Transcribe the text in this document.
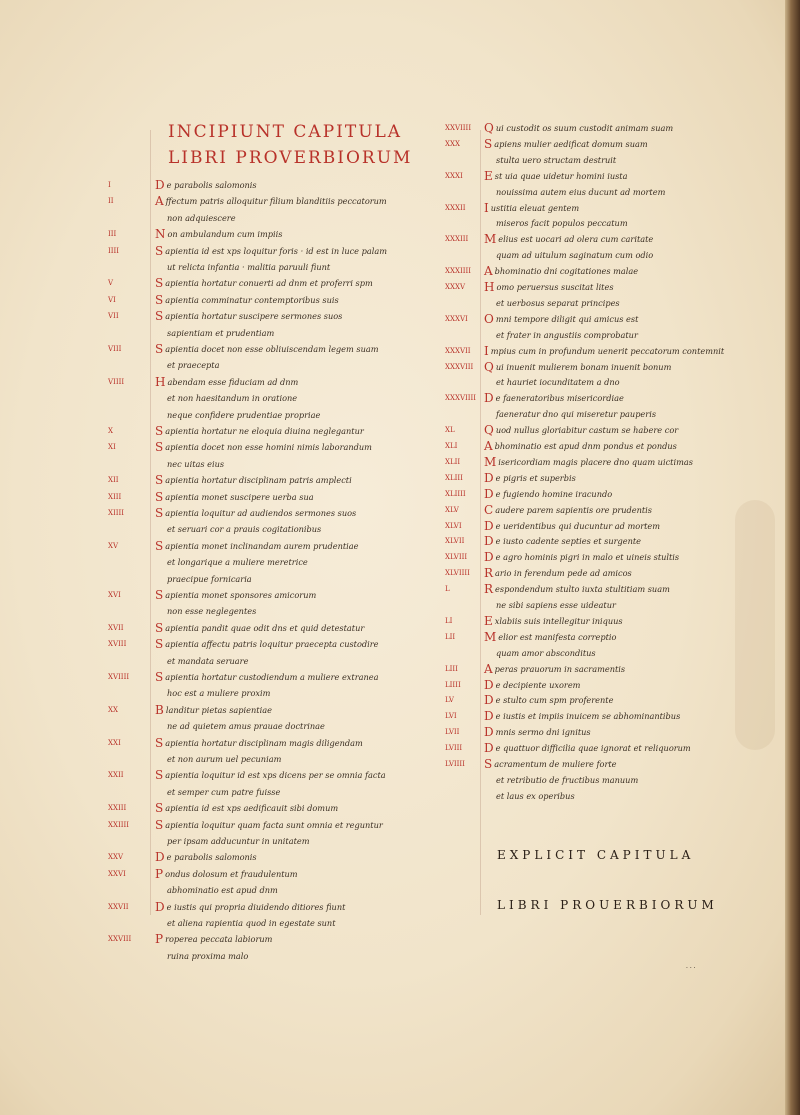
INCIPIUNT CAPITULA
LIBRI PROVERBIORUM
I	D e parabolis salomonis
II	A ffectum patris alloquitur filium blanditiis peccatorum
non adquiescere
III	N on ambulandum cum impiis
IIII	S apientia id est xps loquitur foris · id est in luce palam
ut relicta infantia · malitia paruuli fiunt
V	S apientia hortatur conuerti ad dnm et proferri spm
VI	S apientia comminatur contemptoribus suis
VII	S apientia hortatur suscipere sermones suos
sapientiam et prudentiam
VIII	S apientia docet non esse obliuiscendam legem suam
et praecepta
VIIII	H abendam esse fiduciam ad dnm
et non haesitandum in oratione
neque confidere prudentiae propriae
X	S apientia hortatur ne eloquia diuina neglegantur
XI	S apientia docet non esse homini nimis laborandum
nec uitas eius
XII	S apientia hortatur disciplinam patris amplecti
XIII	S apientia monet suscipere uerba sua
XIIII	S apientia loquitur ad audiendos sermones suos
et seruari cor a prauis cogitationibus
XV	S apientia monet inclinandam aurem prudentiae
et longarique a muliere meretrice
praecipue fornicaria
XVI	S apientia monet sponsores amicorum
non esse neglegentes
XVII	S apientia pandit quae odit dns et quid detestatur
XVIII S apientia affectu patris loquitur praecepta custodire
et mandata seruare
XVIIII S apientia hortatur custodiendum a muliere extranea
hoc est a muliere proxim
XX	B landitur pietas sapientiae
ne ad quietem amus prauae doctrinae
XXI	S apientia hortatur disciplinam magis diligendam
et non aurum uel pecuniam
XXII	S apientia loquitur id est xps dicens per se omnia facta
et semper cum patre fuisse
XXIII S apientia id est xps aedificauit sibi domum
XXIIII S apientia loquitur quam facta sunt omnia et reguntur
per ipsam adducuntur in unitatem
XXV	D e parabolis salomonis
XXVI P ondus dolosum et fraudulentum
abhominatio est apud dnm
XXVII D e iustis qui propria diuidendo ditiores fiunt
et aliena rapientia quod in egestate sunt
XXVIII P roperea peccata labiorum
ruina proxima malo
XXVIIII Q ui custodit os suum custodit animam suam
XXX S apiens mulier aedificat domum suam
stulta uero structam destruit
XXXI E st uia quae uidetur homini iusta
nouissima autem eius ducunt ad mortem
XXXII I ustitia eleuat gentem
miseros facit populos peccatum
XXXIII M elius est uocari ad olera cum caritate
quam ad uitulum saginatum cum odio
XXXIIII A bhominatio dni cogitationes malae
XXXV H omo peruersus suscitat lites
et uerbosus separat principes
XXXVI O mni tempore diligit qui amicus est
et frater in angustiis comprobatur
XXXVII I mpius cum in profundum uenerit peccatorum contemnit
XXXVIII Q ui inuenit mulierem bonam inuenit bonum
et hauriet iocunditatem a dno
XXXVIIII D e faeneratoribus misericordiae
faeneratur dno qui miseretur pauperis
XL Q uod nullus gloriabitur castum se habere cor
XLI A bhominatio est apud dnm pondus et pondus
XLII M isericordiam magis placere dno quam uictimas
XLIII D e pigris et superbis
XLIIII D e fugiendo homine iracundo
XLV C audere parem sapientis ore prudentis
XLVI D e ueridentibus qui ducuntur ad mortem
XLVII D e iusto cadente septies et surgente
XLVIII D e agro hominis pigri in malo et uineis stultis
XLVIIII R ario in ferendum pede ad amicos
L	R espondendum stulto iuxta stultitiam suam
ne sibi sapiens esse uideatur
LI	E xlabiis suis intellegitur iniquus
LII M elior est manifesta correptio
quam amor absconditus
LIII A peras prauorum in sacramentis
LIIII D e decipiente uxorem
LV	D e stulto cum spm proferente
LVI D e iustis et impiis inuicem se abhominantibus
LVII D mnis sermo dni ignitus
LVIII D e quattuor difficilia quae ignorat et reliquorum
LVIIII S acramentum de muliere forte
et retributio de fructibus manuum
et laus ex operibus
EXPLICIT CAPITULA
LIBRI PROUERBIORUM
· · ·
